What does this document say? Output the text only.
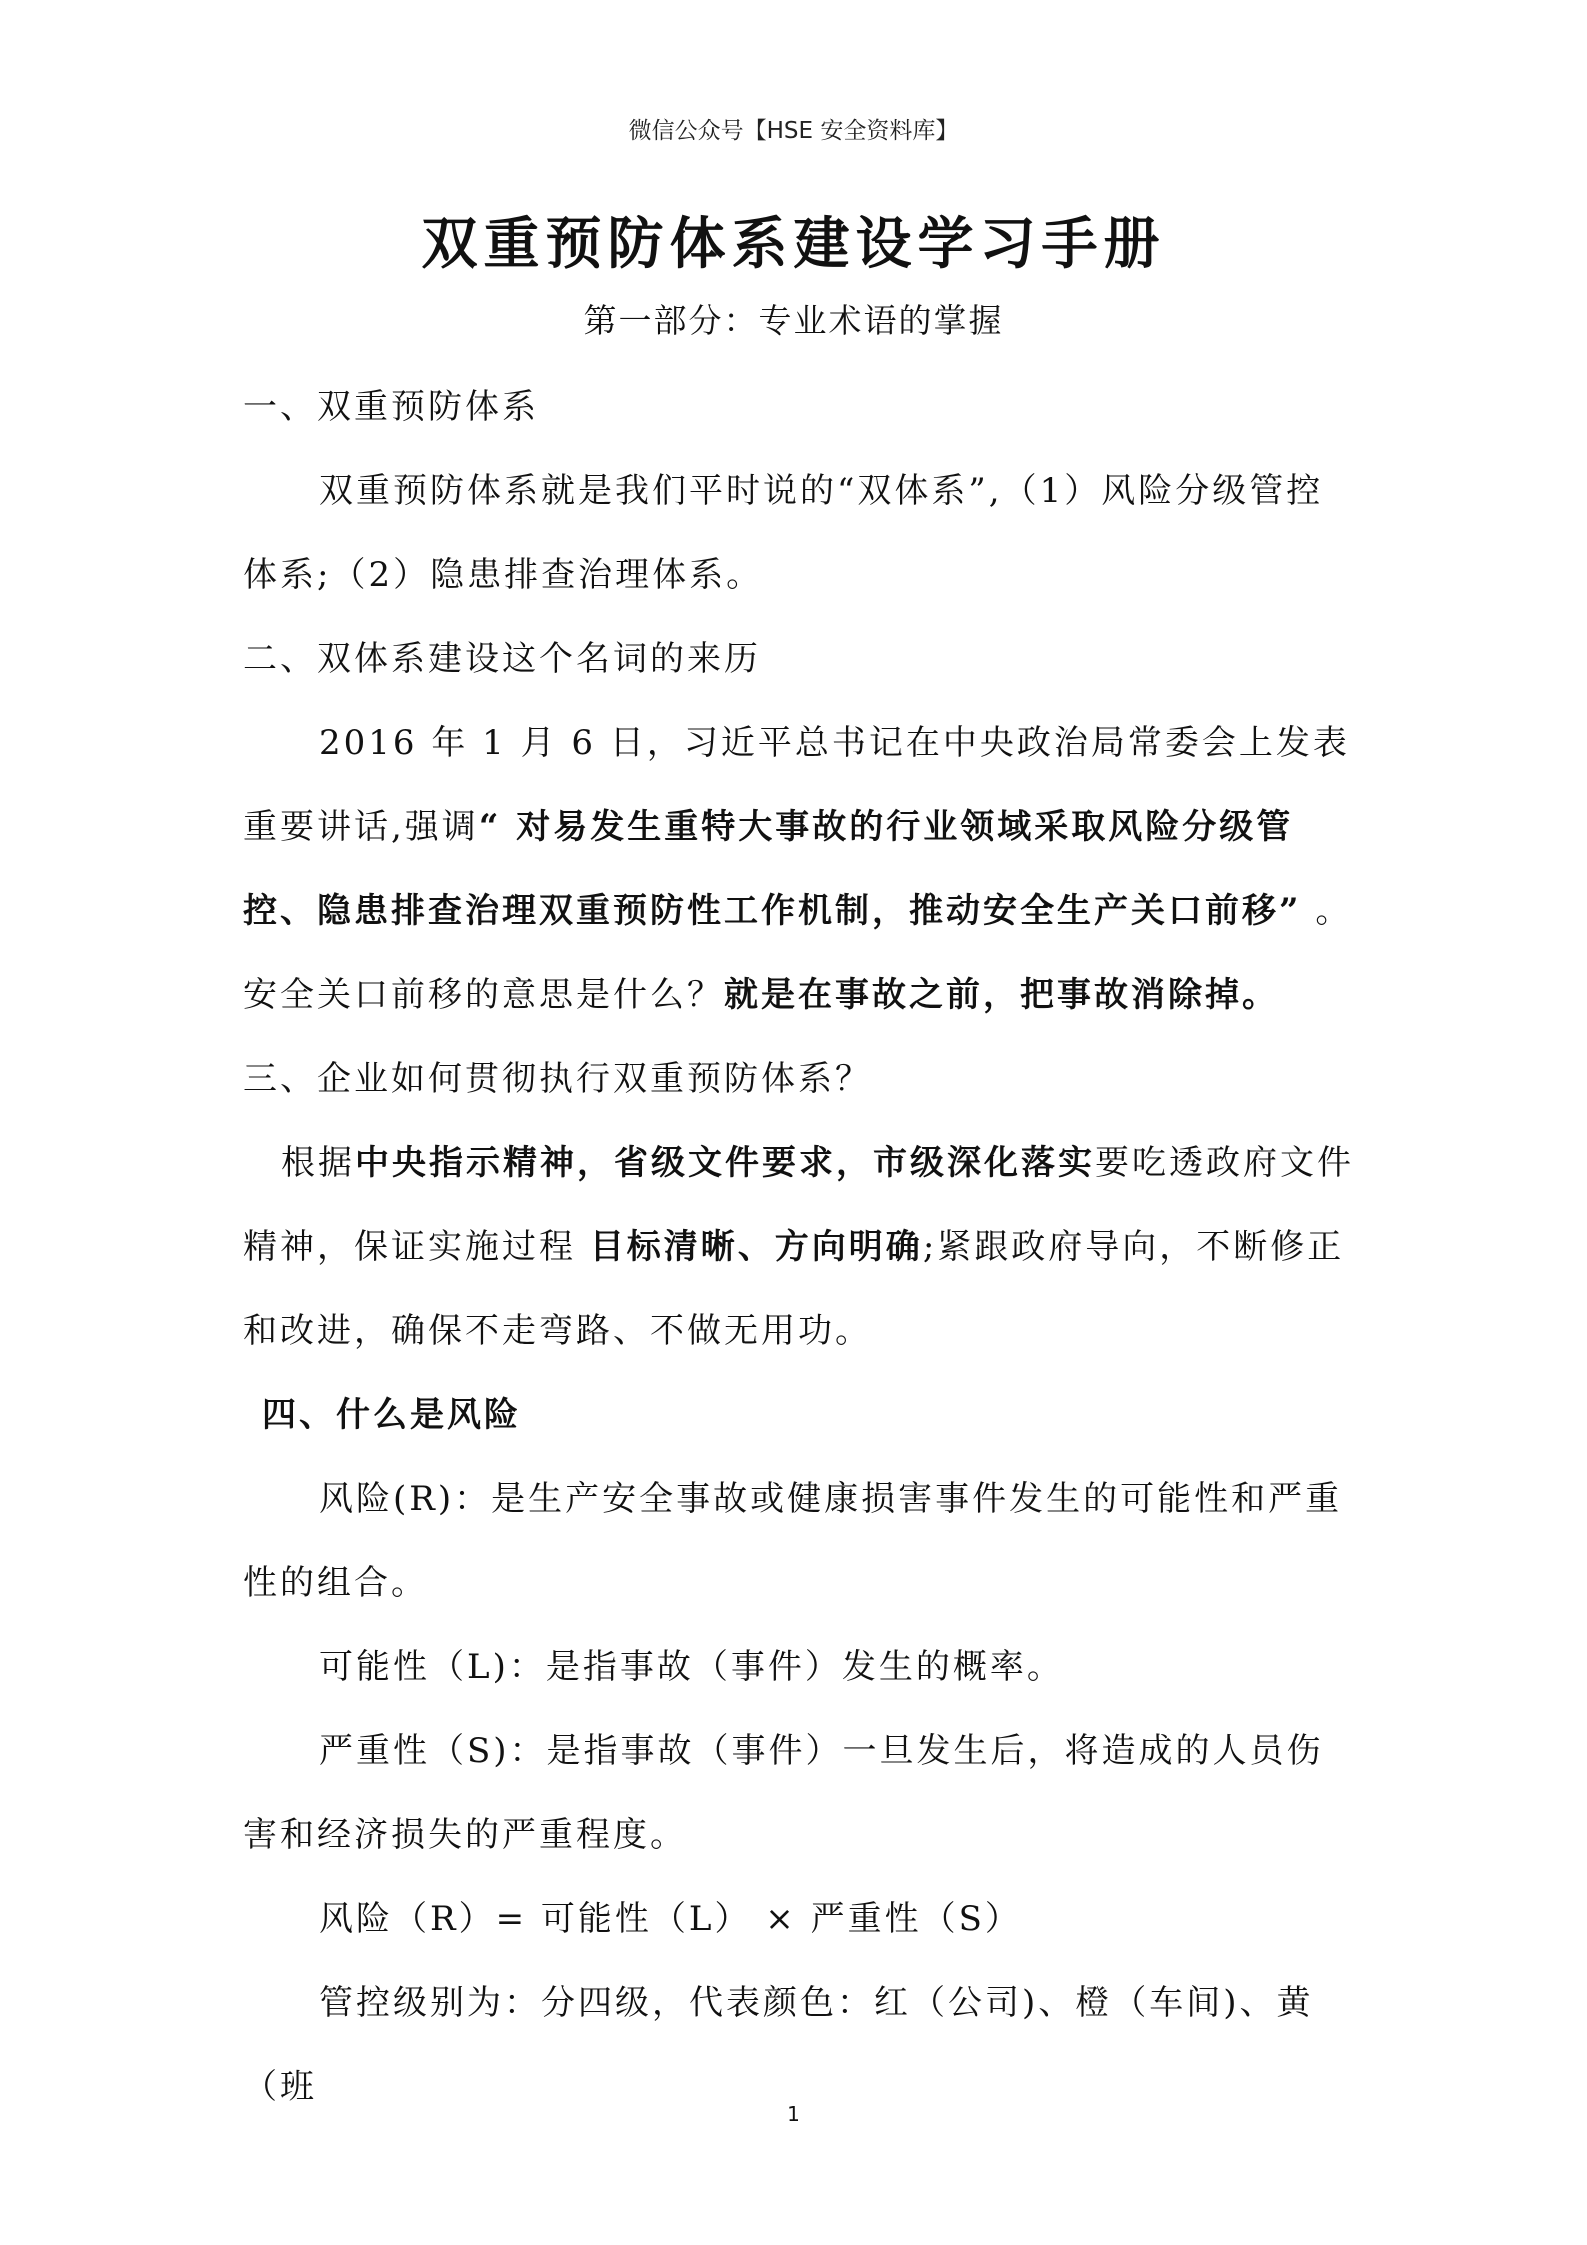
微信公众号【HSE 安全资料库】
双重预防体系建设学习手册
第一部分：专业术语的掌握

一、双重预防体系

双重预防体系就是我们平时说的“双体系”,（1）风险分级管控体系;（2）隐患排查治理体系。

二、双体系建设这个名词的来历

2016 年 1 月 6 日，习近平总书记在中央政治局常委会上发表重要讲话,强调“ 对易发生重特大事故的行业领域采取风险分级管控、隐患排查治理双重预防性工作机制，推动安全生产关口前移” 。

安全关口前移的意思是什么？就是在事故之前，把事故消除掉。

三、企业如何贯彻执行双重预防体系？

根据中央指示精神，省级文件要求，市级深化落实要吃透政府文件精神，保证实施过程 目标清晰、方向明确;紧跟政府导向，不断修正和改进，确保不走弯路、不做无用功。

四、什么是风险

风险(R)：是生产安全事故或健康损害事件发生的可能性和严重性的组合。

可能性（L)：是指事故（事件）发生的概率。

严重性（S)：是指事故（事件）一旦发生后，将造成的人员伤害和经济损失的严重程度。

风险（R）= 可能性（L） × 严重性（S）

管控级别为：分四级，代表颜色：红（公司)、橙（车间)、黄（班

1
